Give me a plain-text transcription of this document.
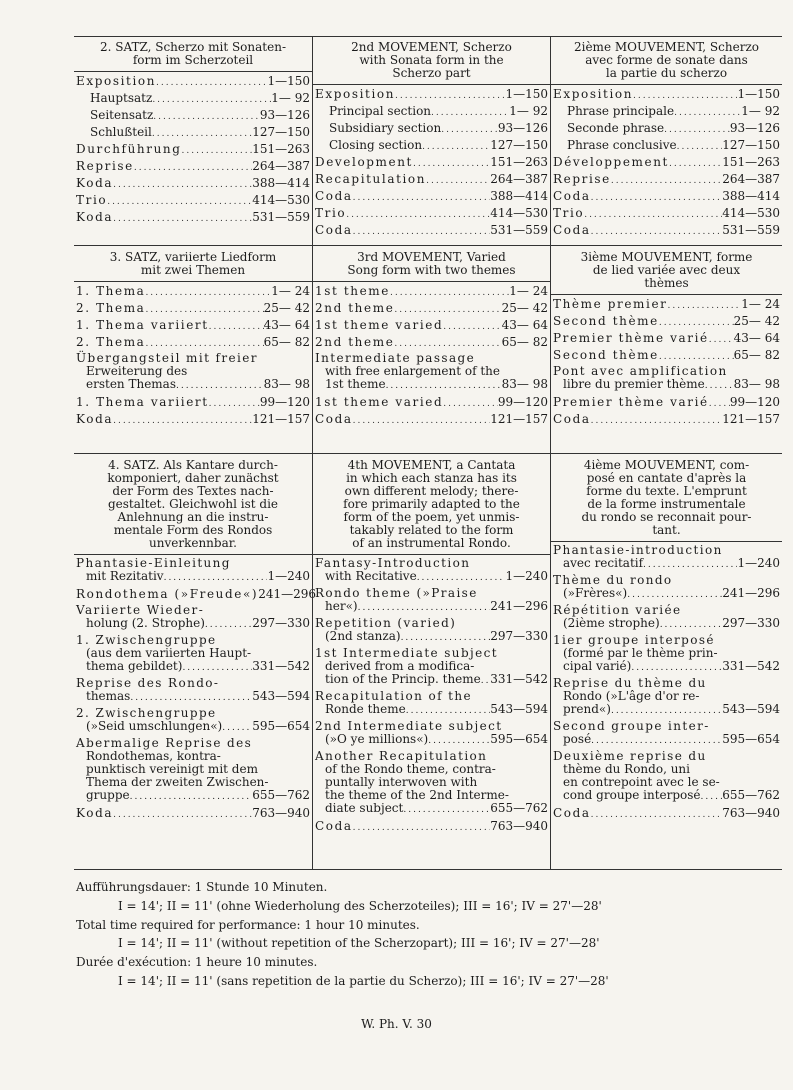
2. SATZ, Scherzo mit Sonaten-
form im Scherzoteil
Exposition .....	1—150
Hauptsatz .....	1— 92
Seitensatz .....	93—126
Schlußteil .....	127—150
Durchführung .....	151—263
Reprise .....	264—387
Koda .....	388—414
Trio .....	414—530
Koda .....	531—559
3. SATZ, variierte Liedform
mit zwei Themen
1. Thema .....	1— 24
2. Thema .....	25— 42
1. Thema variiert .....	43— 64
2. Thema .....	65— 82
Übergangsteil mit freier
Erweiterung des
ersten Themas .....	83— 98
1. Thema variiert .....	99—120
Koda .....	121—157
4. SATZ. Als Kantare durch-
komponiert, daher zunächst
der Form des Textes nach-
gestaltet. Gleichwohl ist die
Anlehnung an die instru-
mentale Form des Rondos
unverkennbar.
Phantasie-Einleitung
mit Rezitativ .....	1—240
Rondothema (»Freude«) 241—296
Variierte Wieder-
holung (2. Strophe) .....	297—330
1. Zwischengruppe
(aus dem variierten Haupt-
thema gebildet) .....	331—542
Reprise des Rondo-
themas .....	543—594
2. Zwischengruppe
(»Seid umschlungen«) ..... 595—654
Abermalige Reprise des
Rondothemas, kontra-
punktisch vereinigt mit dem
Thema der zweiten Zwischen-
gruppe .....	655—762
Koda .....	763—940
2nd MOVEMENT, Scherzo
with Sonata form in the
Scherzo part
Exposition .....	1—150
Principal section .....	1— 92
Subsidiary section .....	93—126
Closing section .....	127—150
Development .....	151—263
Recapitulation .....	264—387
Coda .....	388—414
Trio .....	414—530
Coda .....	531—559
3rd MOVEMENT, Varied
Song form with two themes
1st theme .....	1— 24
2nd theme .....	25— 42
1st theme varied .....	43— 64
2nd theme .....	65— 82
Intermediate passage
with free enlargement of the
1st theme .....	83— 98
1st theme varied .....	99—120
Coda .....	121—157
4th MOVEMENT, a Cantata
in which each stanza has its
own different melody; there-
fore primarily adapted to the
form of the poem, yet unmis-
takably related to the form
of an instrumental Rondo.
Fantasy-Introduction
with Recitative .....	1—240
Rondo theme (»Praise
her«) .....	241—296
Repetition (varied)
(2nd stanza) .....	297—330
1st Intermediate subject
derived from a modifica-
tion of the Princip. theme ..... 331—542
Recapitulation of the
Ronde theme .....	543—594
2nd Intermediate subject
(»O ye millions«) .....	595—654
Another Recapitulation
of the Rondo theme, contra-
puntally interwoven with
the theme of the 2nd Interme-
diate subject .....	655—762
Coda .....	763—940
2ième MOUVEMENT, Scherzo
avec forme de sonate dans
la partie du scherzo
Exposition .....	1—150
Phrase principale .....	1— 92
Seconde phrase .....	93—126
Phrase conclusive .....	127—150
Développement .....	151—263
Reprise .....	264—387
Coda .....	388—414
Trio .....	414—530
Coda .....	531—559
3ième MOUVEMENT, forme
de lied variée avec deux
thèmes
Thème premier .....	1— 24
Second thème .....	25— 42
Premier thème varié ..... 43— 64
Second thème .....	65— 82
Pont avec amplification
libre du premier thème ..... 83— 98
Premier thème varié ..... 99—120
Coda .....	121—157
4ième MOUVEMENT, com-
posé en cantate d'après la
forme du texte. L'emprunt
de la forme instrumentale
du rondo se reconnait pour-
tant.
Phantasie-introduction
avec recitatif .....	1—240
Thème du rondo
(»Frères«) .....	241—296
Répétition variée
(2ième strophe) .....	297—330
1ier groupe interposé
(formé par le thème prin-
cipal varié) .....	331—542
Reprise du thème du
Rondo (»L'âge d'or re-
prend«) .....	543—594
Second groupe inter-
posé .....	595—654
Deuxième reprise du
thème du Rondo, uni
en contrepoint avec le se-
cond groupe interposé ..... 655—762
Coda .....	763—940
Aufführungsdauer: 1 Stunde 10 Minuten.
I = 14'; II = 11' (ohne Wiederholung des Scherzoteiles); III = 16'; IV = 27'—28'
Total time required for performance: 1 hour 10 minutes.
I = 14'; II = 11' (without repetition of the Scherzopart); III = 16'; IV = 27'—28'
Durée d'exécution: 1 heure 10 minutes.
I = 14'; II = 11' (sans repetition de la partie du Scherzo); III = 16'; IV = 27'—28'
W. Ph. V. 30
